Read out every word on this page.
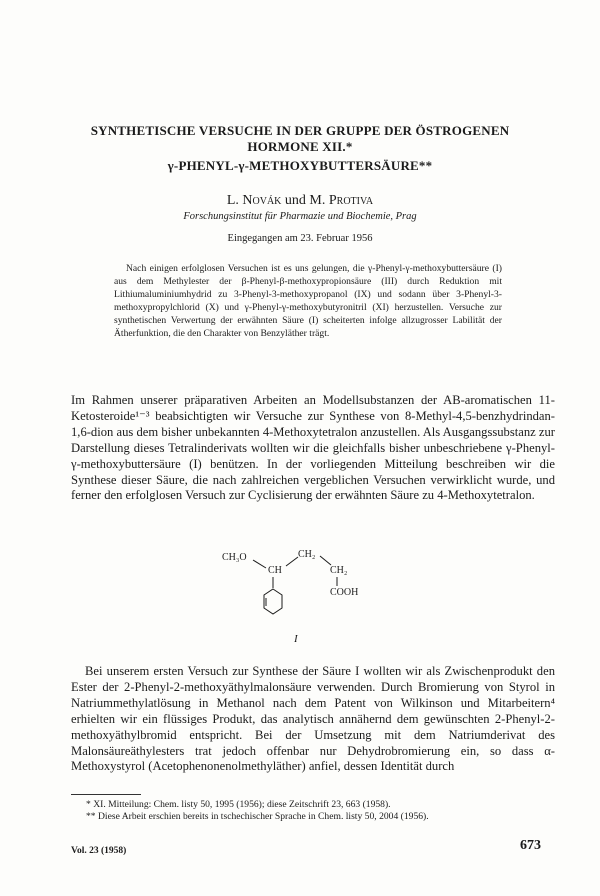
SYNTHETISCHE VERSUCHE IN DER GRUPPE DER ÖSTROGENEN
HORMONE XII.*
γ-PHENYL-γ-METHOXYBUTTERSÄURE**
L. Novák und M. Protiva
Forschungsinstitut für Pharmazie und Biochemie, Prag
Eingegangen am 23. Februar 1956

Nach einigen erfolglosen Versuchen ist es uns gelungen, die γ-Phenyl-γ-methoxybuttersäure (I) aus dem Methylester der β-Phenyl-β-methoxypropionsäure (III) durch Reduktion mit Lithiumaluminiumhydrid zu 3-Phenyl-3-methoxypropanol (IX) und sodann über 3-Phenyl-3-methoxypropylchlorid (X) und γ-Phenyl-γ-methoxybutyronitril (XI) herzustellen. Versuche zur synthetischen Verwertung der erwähnten Säure (I) scheiterten infolge allzugrosser Labilität der Ätherfunktion, die den Charakter von Benzyläther trägt.

Im Rahmen unserer präparativen Arbeiten an Modellsubstanzen der AB-aromatischen 11-Ketosteroide¹⁻³ beabsichtigten wir Versuche zur Synthese von 8-Methyl-4,5-benzhydrindan-1,6-dion aus dem bisher unbekannten 4-Methoxytetralon anzustellen. Als Ausgangssubstanz zur Darstellung dieses Tetralinderivats wollten wir die gleichfalls bisher unbeschriebene γ-Phenyl-γ-methoxybuttersäure (I) benützen. In der vorliegenden Mitteilung beschreiben wir die Synthese dieser Säure, die nach zahlreichen vergeblichen Versuchen verwirklicht wurde, und ferner den erfolglosen Versuch zur Cyclisierung der erwähnten Säure zu 4-Methoxytetralon.

CH₃O
CH
CH₂
CH₂
COOH
I

Bei unserem ersten Versuch zur Synthese der Säure I wollten wir als Zwischenprodukt den Ester der 2-Phenyl-2-methoxyäthylmalonsäure verwenden. Durch Bromierung von Styrol in Natriummethylatlösung in Methanol nach dem Patent von Wilkinson und Mitarbeitern⁴ erhielten wir ein flüssiges Produkt, das analytisch annähernd dem gewünschten 2-Phenyl-2-methoxyäthylbromid entspricht. Bei der Umsetzung mit dem Natriumderivat des Malonsäureäthylesters trat jedoch offenbar nur Dehydrobromierung ein, so dass α-Methoxystyrol (Acetophenonenolmethyläther) anfiel, dessen Identität durch

* XI. Mitteilung: Chem. listy 50, 1995 (1956); diese Zeitschrift 23, 663 (1958).

** Diese Arbeit erschien bereits in tschechischer Sprache in Chem. listy 50, 2004 (1956).

Vol. 23 (1958)	673
